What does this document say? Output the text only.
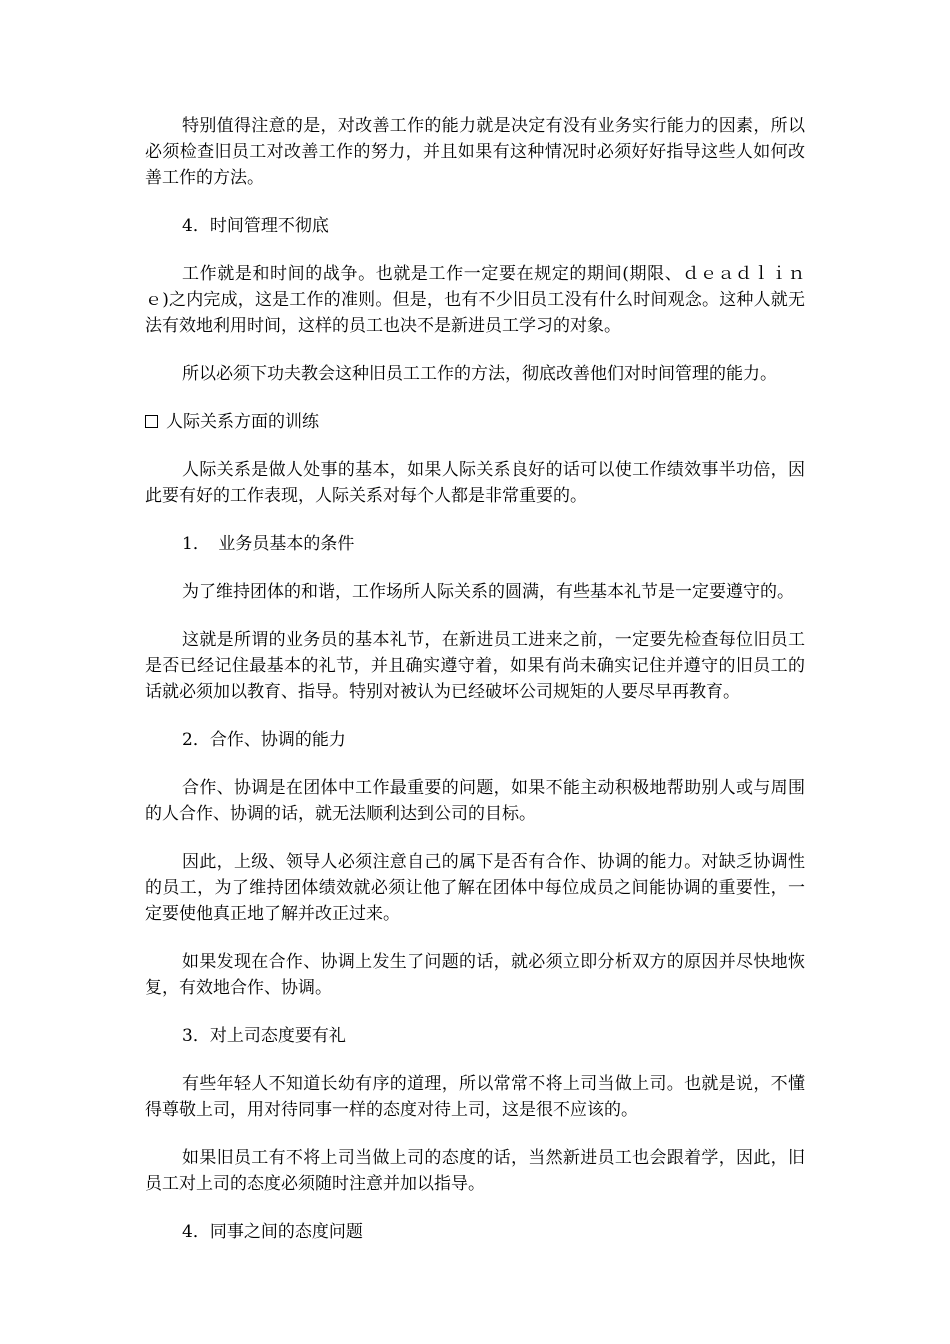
特别值得注意的是，对改善工作的能力就是决定有没有业务实行能力的因素，所以必须检查旧员工对改善工作的努力，并且如果有这种情况时必须好好指导这些人如何改善工作的方法。

4．时间管理不彻底

工作就是和时间的战争。也就是工作一定要在规定的期间(期限、ｄｅａｄｌｉｎｅ)之内完成，这是工作的准则。但是，也有不少旧员工没有什么时间观念。这种人就无法有效地利用时间，这样的员工也决不是新进员工学习的对象。

所以必须下功夫教会这种旧员工工作的方法，彻底改善他们对时间管理的能力。

人际关系方面的训练

人际关系是做人处事的基本，如果人际关系良好的话可以使工作绩效事半功倍，因此要有好的工作表现，人际关系对每个人都是非常重要的。

1．　业务员基本的条件

为了维持团体的和谐，工作场所人际关系的圆满，有些基本礼节是一定要遵守的。

这就是所谓的业务员的基本礼节，在新进员工进来之前，一定要先检查每位旧员工是否已经记住最基本的礼节，并且确实遵守着，如果有尚未确实记住并遵守的旧员工的话就必须加以教育、指导。特别对被认为已经破坏公司规矩的人要尽早再教育。

2．合作、协调的能力

合作、协调是在团体中工作最重要的问题，如果不能主动积极地帮助别人或与周围的人合作、协调的话，就无法顺利达到公司的目标。

因此，上级、领导人必须注意自己的属下是否有合作、协调的能力。对缺乏协调性的员工，为了维持团体绩效就必须让他了解在团体中每位成员之间能协调的重要性，一定要使他真正地了解并改正过来。

如果发现在合作、协调上发生了问题的话，就必须立即分析双方的原因并尽快地恢复，有效地合作、协调。

3．对上司态度要有礼

有些年轻人不知道长幼有序的道理，所以常常不将上司当做上司。也就是说，不懂得尊敬上司，用对待同事一样的态度对待上司，这是很不应该的。

如果旧员工有不将上司当做上司的态度的话，当然新进员工也会跟着学，因此，旧员工对上司的态度必须随时注意并加以指导。

4．同事之间的态度问题
